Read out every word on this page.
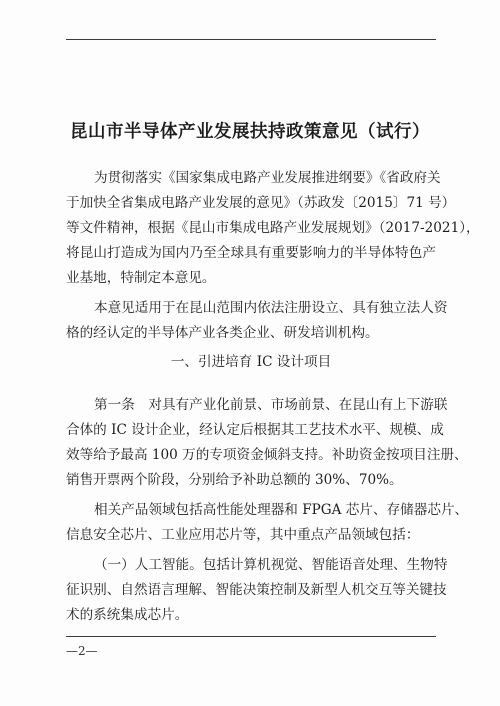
昆山市半导体产业发展扶持政策意见（试行）
为贯彻落实《国家集成电路产业发展推进纲要》《省政府关
于加快全省集成电路产业发展的意见》（苏政发〔2015〕71 号）
等文件精神，根据《昆山市集成电路产业发展规划》（2017-2021），
将昆山打造成为国内乃至全球具有重要影响力的半导体特色产
业基地，特制定本意见。
本意见适用于在昆山范围内依法注册设立、具有独立法人资
格的经认定的半导体产业各类企业、研发培训机构。
一、引进培育 IC 设计项目
第一条　对具有产业化前景、市场前景、在昆山有上下游联
合体的 IC 设计企业，经认定后根据其工艺技术水平、规模、成
效等给予最高 100 万的专项资金倾斜支持。补助资金按项目注册、
销售开票两个阶段，分别给予补助总额的 30%、70%。
相关产品领域包括高性能处理器和 FPGA 芯片、存储器芯片、
信息安全芯片、工业应用芯片等，其中重点产品领域包括：
（一）人工智能。包括计算机视觉、智能语音处理、生物特
征识别、自然语言理解、智能决策控制及新型人机交互等关键技
术的系统集成芯片。
—2—
